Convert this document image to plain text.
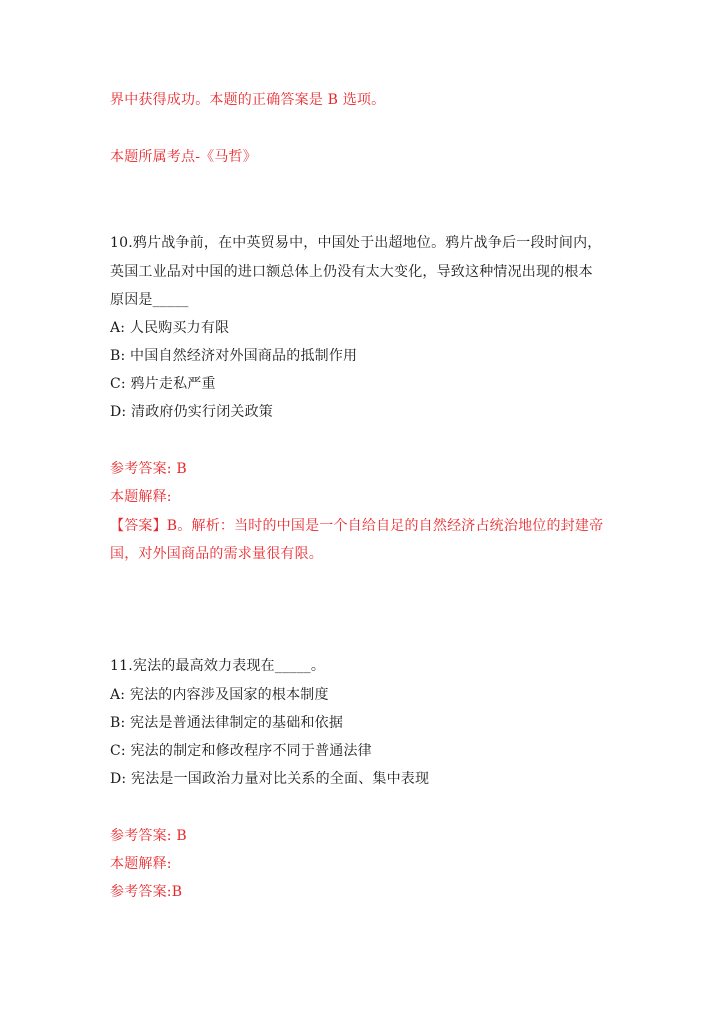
界中获得成功。本题的正确答案是 B 选项。
本题所属考点-《马哲》
10.鸦片战争前，在中英贸易中，中国处于出超地位。鸦片战争后一段时间内，
英国工业品对中国的进口额总体上仍没有太大变化，导致这种情况出现的根本
原因是_____
A: 人民购买力有限
B: 中国自然经济对外国商品的抵制作用
C: 鸦片走私严重
D: 清政府仍实行闭关政策
参考答案: B
本题解释:
【答案】B。解析：当时的中国是一个自给自足的自然经济占统治地位的封建帝
国，对外国商品的需求量很有限。
11.宪法的最高效力表现在_____。
A: 宪法的内容涉及国家的根本制度
B: 宪法是普通法律制定的基础和依据
C: 宪法的制定和修改程序不同于普通法律
D: 宪法是一国政治力量对比关系的全面、集中表现
参考答案: B
本题解释:
参考答案:B
